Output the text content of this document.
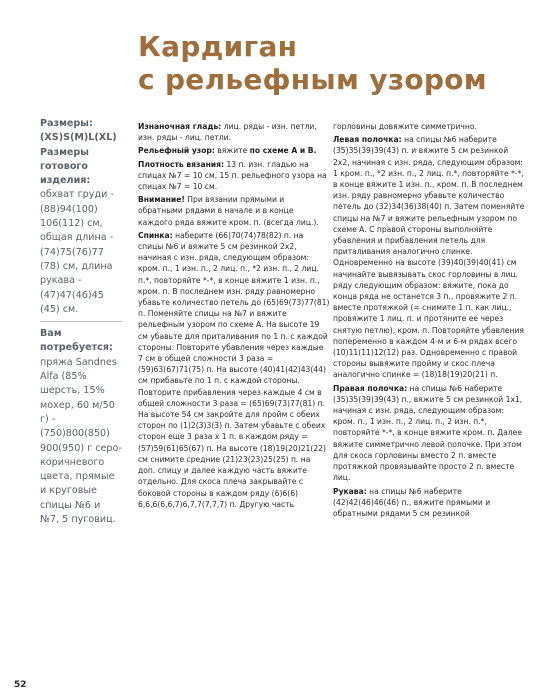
Кардиган
с рельефным узором

Размеры:

(XS)S(M)L(XL)

Размеры готового изделия:

обхват груди - (88)94(100) 106(112) см, общая длина - (74)75(76)77 (78) см, длина рукава - (47)47(46)45 (45) см.

Вам потребуется:

пряжа Sandnes Alfa (85% шерсть, 15% мохер, 60 м/50 г) - (750)800(850) 900(950) г серо-коричневого цвета, прямые и круговые спицы №6 и №7, 5 пуговиц.

Изнаночная гладь: лиц. ряды - изн. петли, изн. ряды - лиц. петли.

Рельефный узор: вяжите по схеме А и В.

Плотность вязания: 13 п. изн. гладью на спицах №7 = 10 см, 15 п. рельефного узора на спицах №7 = 10 см.

Внимание! При вязании прямыми и обратными рядами в начале и в конце каждого ряда вяжите кром. п. (всегда лиц.).

Спинка: наберите (66)70(74)78(82) п. на спицы №6 и вяжите 5 см резинкой 2х2, начиная с изн. ряда, следующим образом: кром. п., 1 изн. п., 2 лиц. п., *2 изн. п., 2 лиц. п.*, повторяйте *-*, в конце вяжите 1 изн. п., кром. п. В последнем изн. ряду равномерно убавьте количество петель до (65)69(73)77(81) п. Поменяйте спицы на №7 и вяжите рельефным узором по схеме А. На высоте 19 см убавьте для приталивания по 1 п. с каждой стороны. Повторите убавления через каждые 7 см в общей сложности 3 раза = (59)63(67)71(75) п. На высоте (40)41(42)43(44) см прибавьте по 1 п. с каждой стороны. Повторите прибавления через каждые 4 см в общей сложности 3 раза = (65)69(73)77(81) п. На высоте 54 см закройте для пройм с обеих сторон по (1)2(3)3(3) п. Затем убавьте с обеих сторон еще 3 раза х 1 п. в каждом ряду = (57)59(61)65(67) п. На высоте (18)19(20)21(22) см снимите средние (21)23(23)25(25) п. на доп. спицу и далее каждую часть вяжите отдельно. Для скоса плеча закрывайте с боковой стороны в каждом ряду (6)6(6) 6,6,6(6,6,7)6,7,7(7,7,7) п. Другую часть

горловины довяжите симметрично.

Левая полочка: на спицы №6 наберите (35)35(39)39(43) п. и вяжите 5 см резинкой 2х2, начиная с изн. ряда, следующим образом: 1 кром. п., *2 изн. п., 2 лиц. п.*, повторяйте *-*, в конце вяжите 1 изн. п., кром. п. В последнем изн. ряду равномерно убавьте количество петель до (32)34(36)38(40) п. Затем поменяйте спицы на №7 и вяжите рельефным узором по схеме А. С правой стороны выполняйте убавления и прибавления петель для приталивания аналогично спинке. Одновременно на высоте (39)40(39)40(41) см начинайте вывязывать скос горловины в лиц. ряду следующим образом: вяжите, пока до конца ряда не останется 3 п., провяжите 2 п. вместе протяжкой (= снимите 1 п. как лиц., провяжите 1 лиц. п. и протяните ее через снятую петлю), кром. п. Повторяйте убавления попеременно в каждом 4-м и 6-м рядах всего (10)11(11)12(12) раз. Одновременно с правой стороны вывяжите пройму и скос плеча аналогично спинке = (18)18(19)20(21) п.

Правая полочка: на спицы №6 наберите (35)35(39)39(43) п., вяжите 5 см резинкой 1х1, начиная с изн. ряда, следующим образом: кром. п., 1 изн. п., 2 лиц. п., 2 изн. п.*, повторяйте *-*, в конце вяжите кром. п. Далее вяжите симметрично левой полочке. При этом для скоса горловины вместо 2 п. вместе протяжкой провязывайте просто 2 п. вместе лиц.

Рукава: на спицы №6 наберите (42)42(46)46(46) п., вяжите прямыми и обратными рядами 5 см резинкой

52
